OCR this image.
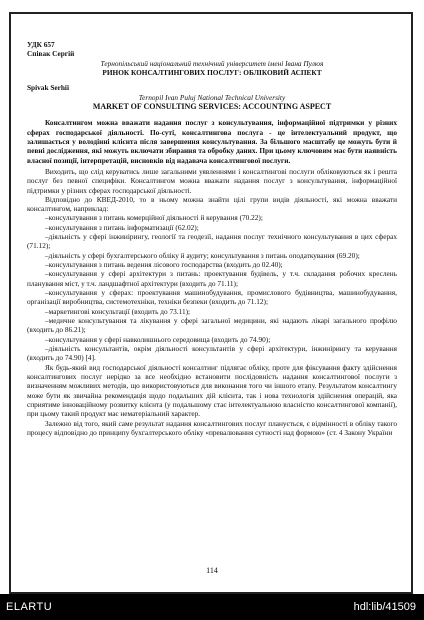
УДК 657

Співак Сергій

Тернопільський національний технічний університет імені Івана Пулюя

РИНОК КОНСАЛТИНГОВИХ ПОСЛУГ: ОБЛІКОВИЙ АСПЕКТ

Spivak Serhii

Ternopil Ivan Puluj National Technical University

MARKET OF CONSULTING SERVICES: ACCOUNTING ASPECT

Консалтингом можна вважати надання послуг з консультування, інформаційної підтримки у різних сферах господарської діяльності. По-суті, консалтингова послуга - це інтелектуальний продукт, що залишається у володінні клієнта після завершення консультування. За більшого масштабу це можуть бути й певні дослідження, які можуть включати збирання та обробку даних. При цьому ключовим має бути наявність власної позиції, інтерпретацій, висновків від надавача консалтингової послуги.

Виходить, що слід керуватись лише загальними уявленнями і консалтингові послуги обліковуються як і решта послуг без певної специфіки. Консалтингом можна вважати надання послуг з консультування, інформаційної підтримки у різних сферах господарської діяльності.

Відповідно до КВЕД-2010, то в ньому можна знайти цілі групи видів діяльності, які можна вважати консалтингом, наприклад:

–консультування з питань комерційної діяльності й керування (70.22);

–консультування з питань інформатизації (62.02);

–діяльність у сфері інжинірингу, геології та геодезії, надання послуг технічного консультування в цих сферах (71.12);

–діяльність у сфері бухгалтерського обліку й аудиту; консультування з питань оподаткування (69.20);

–консультування з питань ведення лісового господарства (входить до 02.40);

–консультування у сфері архітектури з питань: проектування будівель, у т.ч. складання робочих креслень планування міст, у т.ч. ландшафтної архітектури (входить до 71.11);

–консультування у сферах: проектування машинобудування, промислового будівництва, машинобудування, організації виробництва, системотехніки, техніки безпеки (входить до 71.12);

–маркетингові консультації (входить до 73.11);

–медичне консультування та лікування у сфері загальної медицини, які надають лікарі загального профілю (входить до 86.21);

–консультування у сфері навколишнього середовища (входить до 74.90);

–діяльність консультантів, окрім діяльності консультантів у сфері архітектури, інжинірингу та керування (входить до 74.90) [4].

Як будь-який вид господарської діяльності консалтинг підлягає обліку, проте для фіксування факту здійснення консалтингових послуг нерідко за все необхідно встановити послідовність надання консалтингової послуги з визначенням можливих методів, що використовуються для виконання того чи іншого етапу. Результатом консалтингу може бути як звичайна рекомендація щодо подальших дій клієнта, так і нова технологія здійснення операцій, яка сприятиме інноваційному розвитку клієнта (у подальшому стає інтелектуальною власністю консалтингової компанії), при цьому такий продукт має нематеріальний характер.

Залежно від того, який саме результат надання консалтингових послуг планується, є відмінності в обліку такого процесу відповідно до принципу бухгалтерського обліку «превалювання сутності над формою» (ст. 4 Закону України

114
ELARTU	hdl:lib/41509
